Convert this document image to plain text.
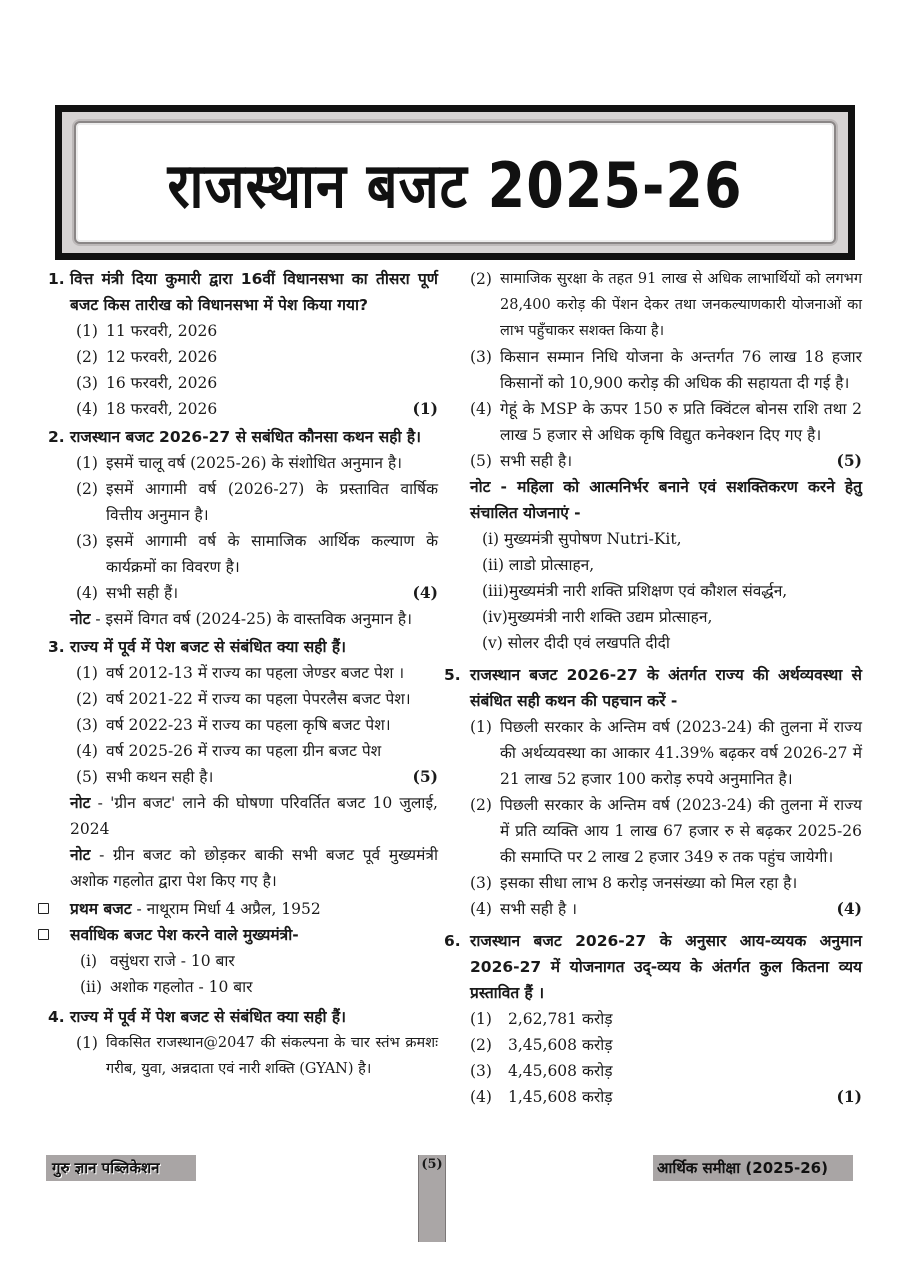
राजस्थान बजट 2025-26
1. वित्त मंत्री दिया कुमारी द्वारा 16वीं विधानसभा का तीसरा पूर्ण बजट किस तारीख को विधानसभा में पेश किया गया?
(1) 11 फरवरी, 2026
(2) 12 फरवरी, 2026
(3) 16 फरवरी, 2026
(4) 18 फरवरी, 2026	(1)
2. राजस्थान बजट 2026-27 से सबंधित कौनसा कथन सही है।
(1) इसमें चालू वर्ष (2025-26) के संशोधित अनुमान है।
(2) इसमें आगामी वर्ष (2026-27) के प्रस्तावित वार्षिक वित्तीय अनुमान है।
(3) इसमें आगामी वर्ष के सामाजिक आर्थिक कल्याण के कार्यक्रमों का विवरण है।
(4) सभी सही हैं।	(4)
नोट - इसमें विगत वर्ष (2024-25) के वास्तविक अनुमान है।
3. राज्य में पूर्व में पेश बजट से संबंधित क्या सही हैं।
(1) वर्ष 2012-13 में राज्य का पहला जेण्डर बजट पेश ।
(2) वर्ष 2021-22 में राज्य का पहला पेपरलैस बजट पेश।
(3) वर्ष 2022-23 में राज्य का पहला कृषि बजट पेश।
(4) वर्ष 2025-26 में राज्य का पहला ग्रीन बजट पेश
(5) सभी कथन सही है।	(5)
नोट - 'ग्रीन बजट' लाने की घोषणा परिवर्तित बजट 10 जुलाई, 2024
नोट - ग्रीन बजट को छोड़कर बाकी सभी बजट पूर्व मुख्यमंत्री अशोक गहलोत द्वारा पेश किए गए है।
प्रथम बजट - नाथूराम मिर्धा 4 अप्रैल, 1952
सर्वाधिक बजट पेश करने वाले मुख्यमंत्री-
(i) वसुंधरा राजे - 10 बार
(ii) अशोक गहलोत - 10 बार
4. राज्य में पूर्व में पेश बजट से संबंधित क्या सही हैं।
(1) विकसित राजस्थान@2047 की संकल्पना के चार स्तंभ क्रमशः गरीब, युवा, अन्नदाता एवं नारी शक्ति (GYAN) है।
(2) सामाजिक सुरक्षा के तहत 91 लाख से अधिक लाभार्थियों को लगभग 28,400 करोड़ की पेंशन देकर तथा जनकल्याणकारी योजनाओं का लाभ पहुँचाकर सशक्त किया है।
(3) किसान सम्मान निधि योजना के अन्तर्गत 76 लाख 18 हजार किसानों को 10,900 करोड़ की अधिक की सहायता दी गई है।
(4) गेहूं के MSP के ऊपर 150 रु प्रति क्विंटल बोनस राशि तथा 2 लाख 5 हजार से अधिक कृषि विद्युत कनेक्शन दिए गए है।
(5) सभी सही है।	(5)
नोट - महिला को आत्मनिर्भर बनाने एवं सशक्तिकरण करने हेतु संचालित योजनाएं -
(i) मुख्यमंत्री सुपोषण Nutri-Kit,
(ii) लाडो प्रोत्साहन,
(iii)मुख्यमंत्री नारी शक्ति प्रशिक्षण एवं कौशल संवर्द्धन,
(iv)मुख्यमंत्री नारी शक्ति उद्यम प्रोत्साहन,
(v) सोलर दीदी एवं लखपति दीदी
5. राजस्थान बजट 2026-27 के अंतर्गत राज्य की अर्थव्यवस्था से संबंधित सही कथन की पहचान करें -
(1) पिछली सरकार के अन्तिम वर्ष (2023-24) की तुलना में राज्य की अर्थव्यवस्था का आकार 41.39% बढ़कर वर्ष 2026-27 में 21 लाख 52 हजार 100 करोड़ रुपये अनुमानित है।
(2) पिछली सरकार के अन्तिम वर्ष (2023-24) की तुलना में राज्य में प्रति व्यक्ति आय 1 लाख 67 हजार रु से बढ़कर 2025-26 की समाप्ति पर 2 लाख 2 हजार 349 रु तक पहुंच जायेगी।
(3) इसका सीधा लाभ 8 करोड़ जनसंख्या को मिल रहा है।
(4) सभी सही है ।	(4)
6. राजस्थान बजट 2026-27 के अनुसार आय-व्ययक अनुमान 2026-27 में योजनागत उद्-व्यय के अंतर्गत कुल कितना व्यय प्रस्तावित हैं ।
(1)	2,62,781 करोड़
(2)	3,45,608 करोड़
(3)	4,45,608 करोड़
(4)	1,45,608 करोड़	(1)
गुरु ज्ञान पब्लिकेशन	(5)	आर्थिक समीक्षा (2025-26)
